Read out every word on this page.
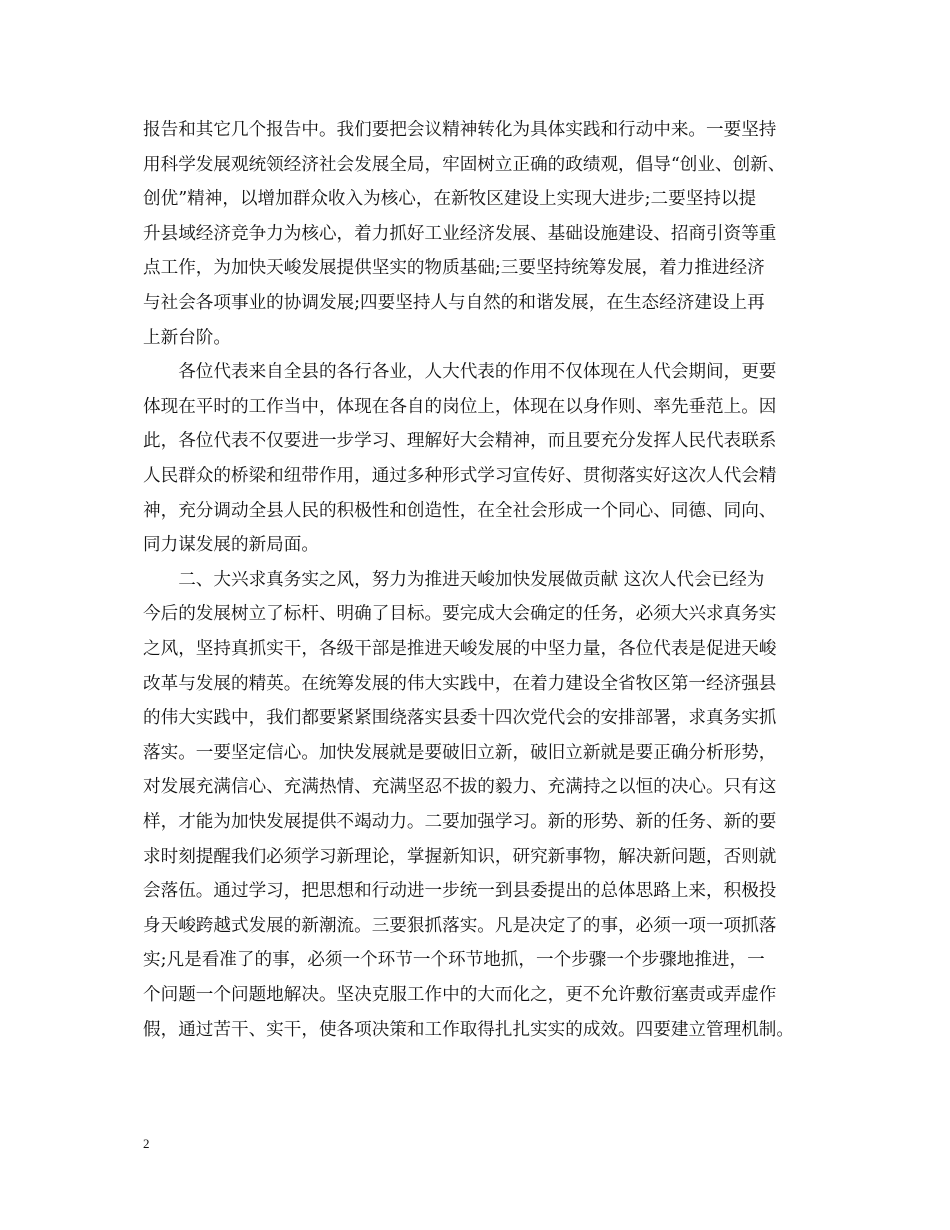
报告和其它几个报告中。我们要把会议精神转化为具体实践和行动中来。一要坚持
用科学发展观统领经济社会发展全局，牢固树立正确的政绩观，倡导“创业、创新、
创优”精神，以增加群众收入为核心，在新牧区建设上实现大进步;二要坚持以提
升县域经济竞争力为核心，着力抓好工业经济发展、基础设施建设、招商引资等重
点工作，为加快天峻发展提供坚实的物质基础;三要坚持统筹发展，着力推进经济
与社会各项事业的协调发展;四要坚持人与自然的和谐发展，在生态经济建设上再
上新台阶。
　　各位代表来自全县的各行各业，人大代表的作用不仅体现在人代会期间，更要
体现在平时的工作当中，体现在各自的岗位上，体现在以身作则、率先垂范上。因
此，各位代表不仅要进一步学习、理解好大会精神，而且要充分发挥人民代表联系
人民群众的桥梁和纽带作用，通过多种形式学习宣传好、贯彻落实好这次人代会精
神，充分调动全县人民的积极性和创造性，在全社会形成一个同心、同德、同向、
同力谋发展的新局面。
　　二、大兴求真务实之风，努力为推进天峻加快发展做贡献 这次人代会已经为
今后的发展树立了标杆、明确了目标。要完成大会确定的任务，必须大兴求真务实
之风，坚持真抓实干，各级干部是推进天峻发展的中坚力量，各位代表是促进天峻
改革与发展的精英。在统筹发展的伟大实践中，在着力建设全省牧区第一经济强县
的伟大实践中，我们都要紧紧围绕落实县委十四次党代会的安排部署，求真务实抓
落实。一要坚定信心。加快发展就是要破旧立新，破旧立新就是要正确分析形势，
对发展充满信心、充满热情、充满坚忍不拔的毅力、充满持之以恒的决心。只有这
样，才能为加快发展提供不竭动力。二要加强学习。新的形势、新的任务、新的要
求时刻提醒我们必须学习新理论，掌握新知识，研究新事物，解决新问题，否则就
会落伍。通过学习，把思想和行动进一步统一到县委提出的总体思路上来，积极投
身天峻跨越式发展的新潮流。三要狠抓落实。凡是决定了的事，必须一项一项抓落
实;凡是看准了的事，必须一个环节一个环节地抓，一个步骤一个步骤地推进，一
个问题一个问题地解决。坚决克服工作中的大而化之，更不允许敷衍塞责或弄虚作
假，通过苦干、实干，使各项决策和工作取得扎扎实实的成效。四要建立管理机制。
2
